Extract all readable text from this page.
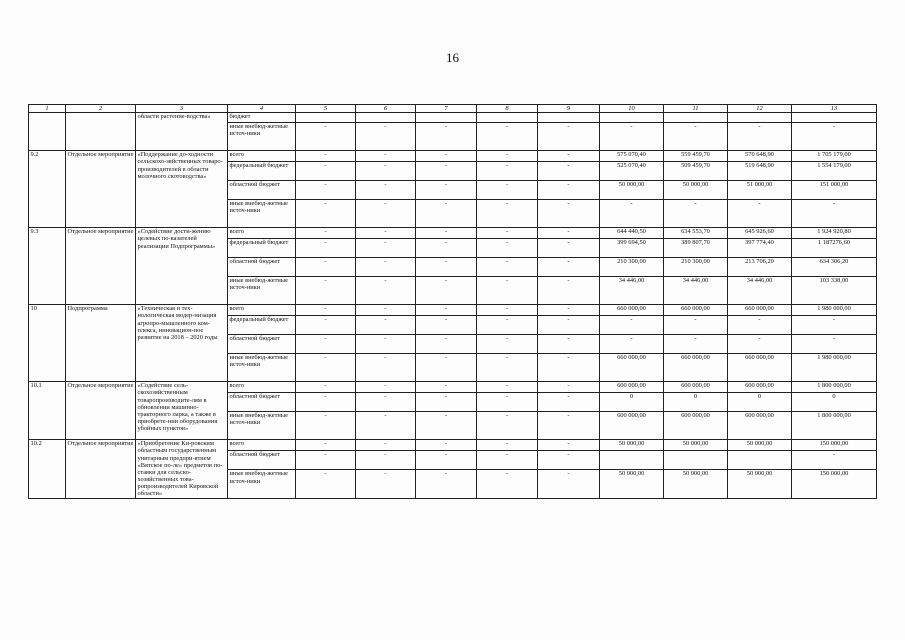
16
1	2	3	4	5	6	7	8	9	10	11	12	13
		области растение-водства»	бюджет									
			иные внебюд-жетные источ-ники	-	-	-	-	-	-	-	-	-
9.2	Отдельное мероприятие	«Поддержание до-ходности сельскохо-зяйственных товаро-производителей в области молочного скотоводства»	всего	-	-	-	-	-	575 070,40	559 459,70	570 648,90	1 705 179,00
			федеральный бюджет	-	-	-	-	-	525 070,40	509 459,70	519 648,90	1 554 179,00
			областной бюджет	-	-	-	-	-	50 000,00	50 000,00	51 000,00	151 000,00
			иные внебюд-жетные источ-ники	-	-	-	-	-	-	-	-	-
9.3	Отдельное мероприятие	«Содействие дости-жению целевых по-казателей реализации Подпрограммы»	всего	-	-	-	-	-	644 440,50	634 553,70	645 926,60	1 924 920,80
			федеральный бюджет	-	-	-	-	-	399 694,50	389 807,70	397 774,40	1 187276,60
			областной бюджет	-	-	-	-	-	210 300,00	210 300,00	213 706,20	634 306,20
			иные внебюд-жетные источ-ники	-	-	-	-	-	34 446,00	34 446,00	34 446,00	103 338,00
10	Подпрограмма	«Техническая и тех-нологическая модер-низация агропро-мышленного ком-плекса, инновацион-ное развитие на 2018 – 2020 годы	всего	-	-	-	-	-	660 000,00	660 000,00	660 000,00	1 980 000,00
			федеральный бюджет	-	-	-	-	-	-	-	-	-
			областной бюджет	-	-	-	-	-	-	-	-	-
			иные внебюд-жетные источ-ники	-	-	-	-	-	660 000,00	660 000,00	660 000,00	1 980 000,00
10.1	Отдельное мероприятие	«Содействие сель-скохозяйственным товаропроизводите-лям в обновлении машинно-тракторного парка, а также в приобрете-нии оборудования убойных пунктов»	всего	-	-	-	-	-	600 000,00	600 000,00	600 000,00	1 800 000,00
			областной бюджет	-	-	-	-	-	0	0	0	0
			иные внебюд-жетные источ-ники	-	-	-	-	-	600 000,00	600 000,00	600 000,00	1 800 000,00
10.2	Отдельное мероприятие	«Приобретение Ки-ровским областным государственным унитарным предпри-ятием «Вятское по-ле» предметов по-ставки для сельско-хозяйственных това-ропроизводителей Кировской области»	всего	-	-	-	-	-	50 000,00	50 000,00	50 000,00	150 000,00
			областной бюджет	-	-	-	-	-				-
			иные внебюд-жетные источ-ники	-	-	-	-	-	50 000,00	50 000,00	50 000,00	150 000,00
